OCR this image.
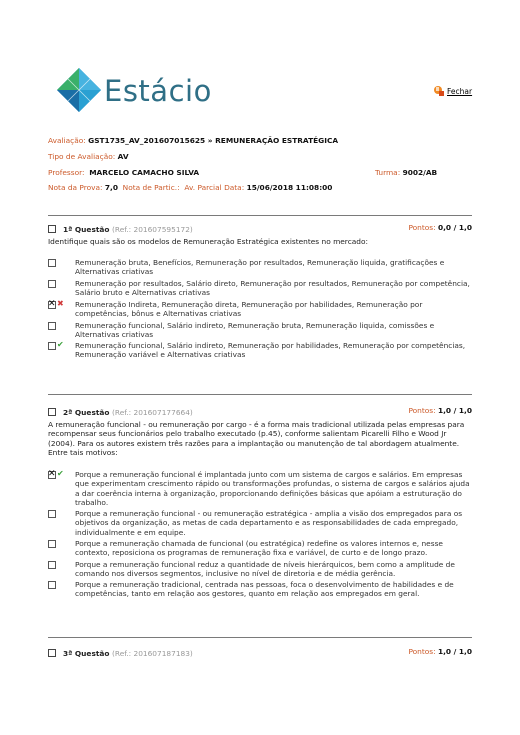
Estácio	Fechar
Avaliação: GST1735_AV_201607015625 » REMUNERAÇÃO ESTRATÉGICA
Tipo de Avaliação: AV
Professor: MARCELO CAMACHO SILVA	Turma: 9002/AB
Nota da Prova: 7,0 Nota de Partic.: Av. Parcial Data: 15/06/2018 11:08:00
1ª Questão (Ref.: 201607595172)	Pontos: 0,0 / 1,0
Identifique quais são os modelos de Remuneração Estratégica existentes no mercado:
Remuneração bruta, Benefícios, Remuneração por resultados, Remuneração liquida, gratificações e Alternativas criativas
Remuneração por resultados, Salário direto, Remuneração por resultados, Remuneração por competência, Salário bruto e Alternativas criativas
✕ ✖ Remuneração Indireta, Remuneração direta, Remuneração por habilidades, Remuneração por competências, bônus e Alternativas criativas
Remuneração funcional, Salário indireto, Remuneração bruta, Remuneração liquida, comissões e Alternativas criativas
✔ Remuneração funcional, Salário indireto, Remuneração por habilidades, Remuneração por competências, Remuneração variável e Alternativas criativas
2ª Questão (Ref.: 201607177664)	Pontos: 1,0 / 1,0
A remuneração funcional - ou remuneração por cargo - é a forma mais tradicional utilizada pelas empresas para recompensar seus funcionários pelo trabalho executado (p.45), conforme salientam Picarelli Filho e Wood Jr (2004). Para os autores existem três razões para a implantação ou manutenção de tal abordagem atualmente. Entre tais motivos:
✕ ✔ Porque a remuneração funcional é implantada junto com um sistema de cargos e salários. Em empresas que experimentam crescimento rápido ou transformações profundas, o sistema de cargos e salários ajuda a dar coerência interna à organização, proporcionando definições básicas que apóiam a estruturação do trabalho.
Porque a remuneração funcional - ou remuneração estratégica - amplia a visão dos empregados para os objetivos da organização, as metas de cada departamento e as responsabilidades de cada empregado, individualmente e em equipe.
Porque a remuneração chamada de funcional (ou estratégica) redefine os valores internos e, nesse contexto, reposiciona os programas de remuneração fixa e variável, de curto e de longo prazo.
Porque a remuneração funcional reduz a quantidade de níveis hierárquicos, bem como a amplitude de comando nos diversos segmentos, inclusive no nível de diretoria e de média gerência.
Porque a remuneração tradicional, centrada nas pessoas, foca o desenvolvimento de habilidades e de competências, tanto em relação aos gestores, quanto em relação aos empregados em geral.
3ª Questão (Ref.: 201607187183)	Pontos: 1,0 / 1,0
